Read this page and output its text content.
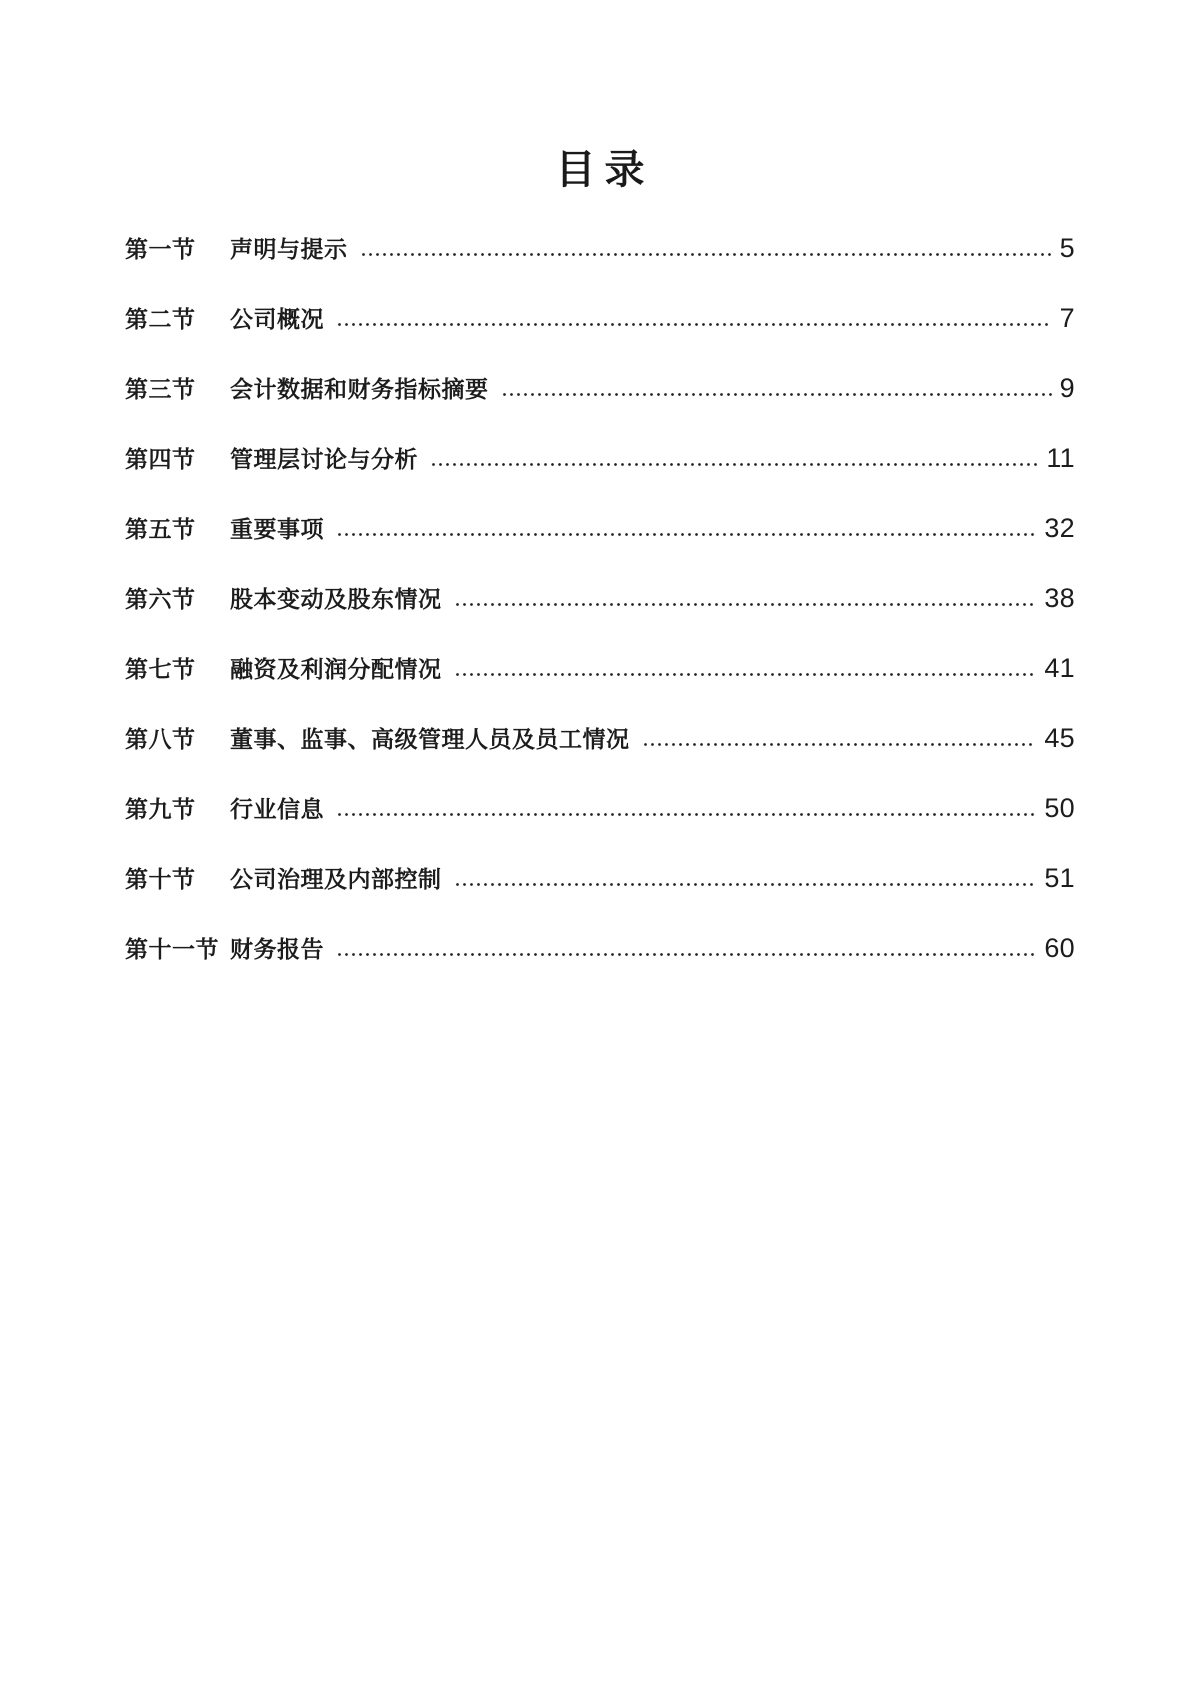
目录
第一节	声明与提示	5
第二节	公司概况	7
第三节	会计数据和财务指标摘要	9
第四节	管理层讨论与分析	11
第五节	重要事项	32
第六节	股本变动及股东情况	38
第七节	融资及利润分配情况	41
第八节	董事、监事、高级管理人员及员工情况	45
第九节	行业信息	50
第十节	公司治理及内部控制	51
第十一节 财务报告	60
